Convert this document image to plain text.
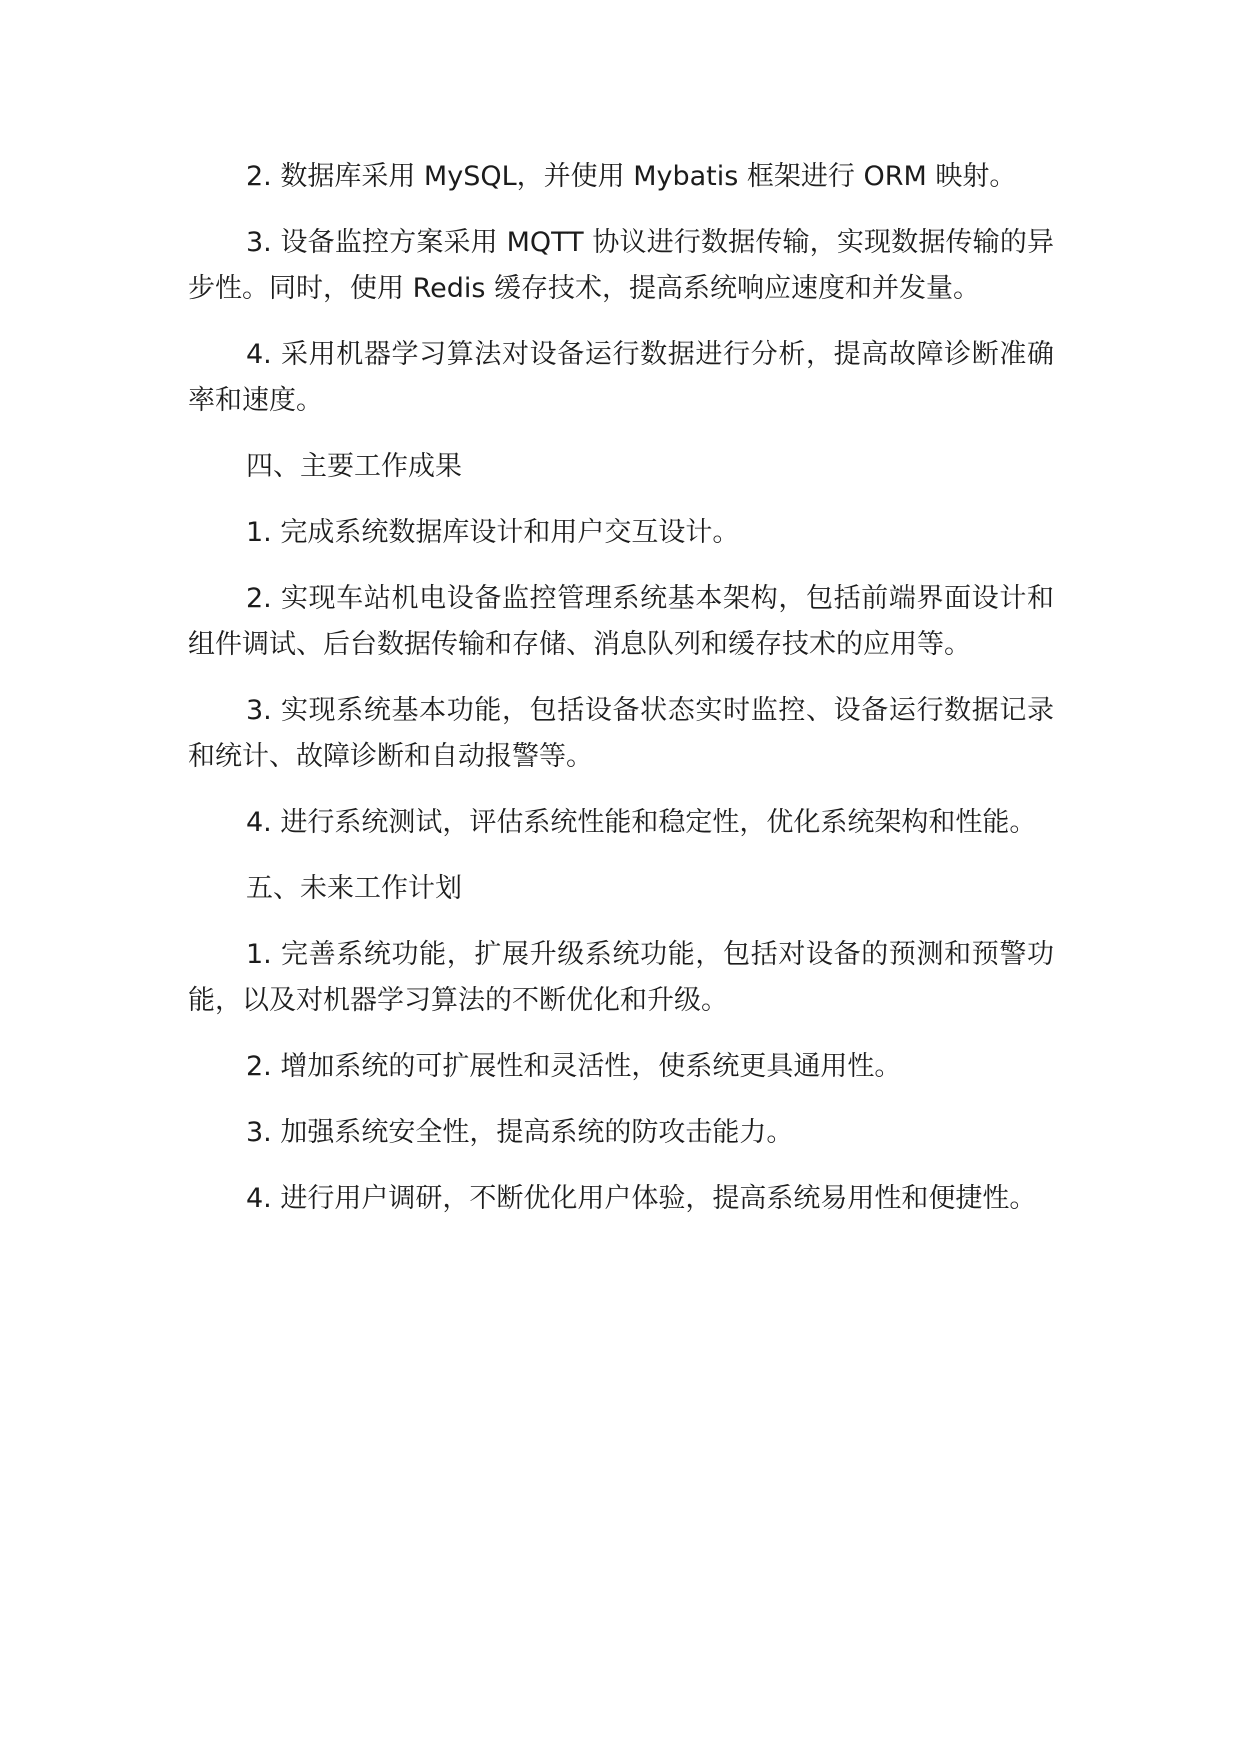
2. 数据库采用 MySQL，并使用 Mybatis 框架进行 ORM 映射。

3. 设备监控方案采用 MQTT 协议进行数据传输，实现数据传输的异步性。同时，使用 Redis 缓存技术，提高系统响应速度和并发量。

4. 采用机器学习算法对设备运行数据进行分析，提高故障诊断准确率和速度。

四、主要工作成果

1. 完成系统数据库设计和用户交互设计。

2. 实现车站机电设备监控管理系统基本架构，包括前端界面设计和组件调试、后台数据传输和存储、消息队列和缓存技术的应用等。

3. 实现系统基本功能，包括设备状态实时监控、设备运行数据记录和统计、故障诊断和自动报警等。

4. 进行系统测试，评估系统性能和稳定性，优化系统架构和性能。

五、未来工作计划

1. 完善系统功能，扩展升级系统功能，包括对设备的预测和预警功能，以及对机器学习算法的不断优化和升级。

2. 增加系统的可扩展性和灵活性，使系统更具通用性。

3. 加强系统安全性，提高系统的防攻击能力。

4. 进行用户调研，不断优化用户体验，提高系统易用性和便捷性。
